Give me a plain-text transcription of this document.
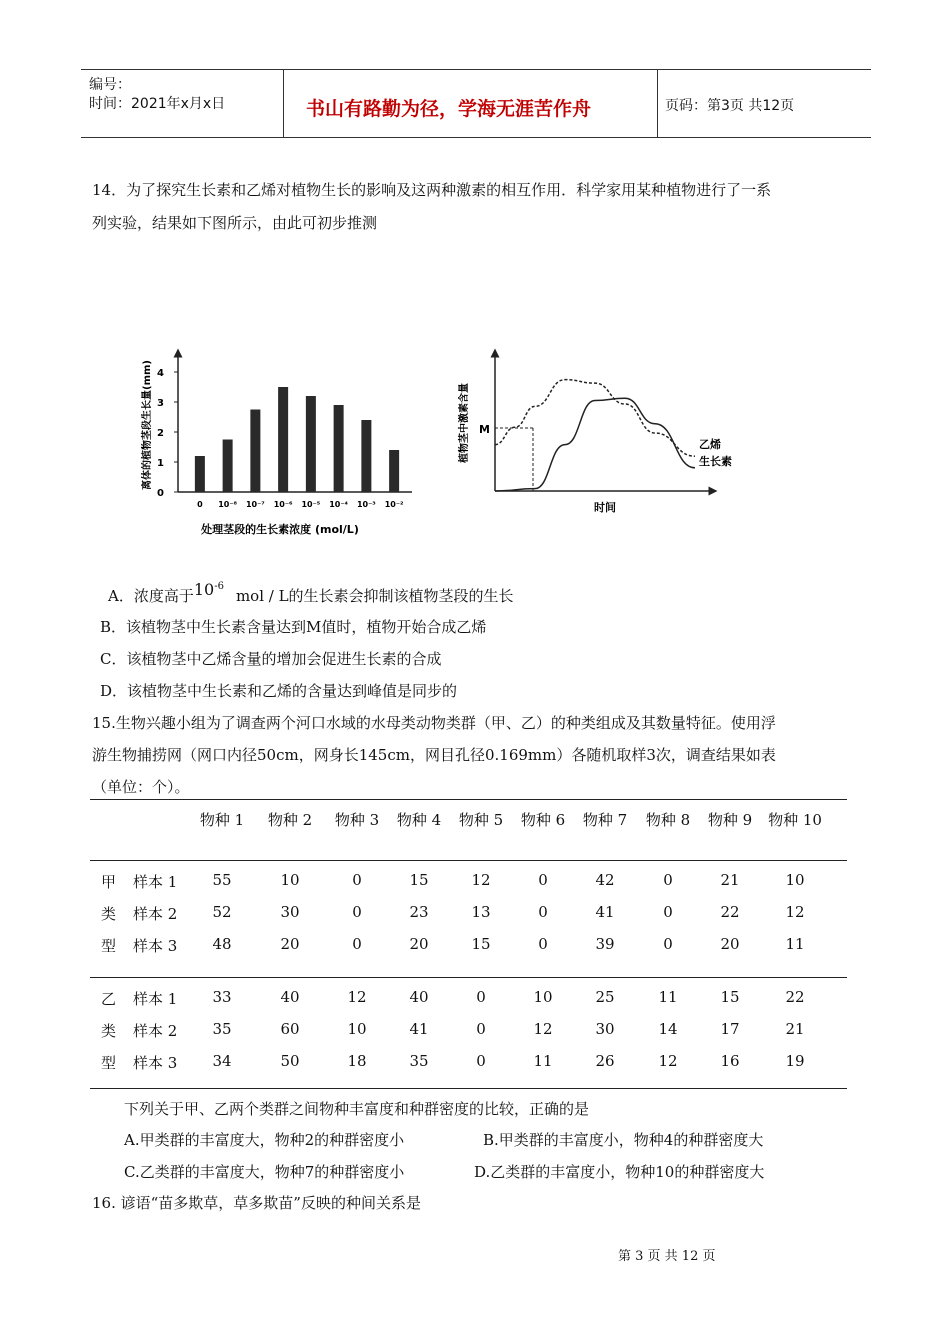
编号：
时间：2021年x月x日	书山有路勤为径，学海无涯苦作舟	页码：第3页 共12页
14．为了探究生长素和乙烯对植物生长的影响及这两种激素的相互作用．科学家用某种植物进行了一系
列实验，结果如下图所示，由此可初步推测
离体的植物茎段生长量(mm)
处理茎段的生长素浓度 (mol/L)
0
1
2
3
4
0 10⁻⁸ 10⁻⁷ 10⁻⁶ 10⁻⁵ 10⁻⁴ 10⁻³ 10⁻²
植物茎中激素含量
时间
M
乙烯
生长素
A．浓度高于$10^{-6}mol$ / L的生长素会抑制该植物茎段的生长
B．该植物茎中生长素含量达到M值时，植物开始合成乙烯
C．该植物茎中乙烯含量的增加会促进生长素的合成
D．该植物茎中生长素和乙烯的含量达到峰值是同步的
15.生物兴趣小组为了调查两个河口水域的水母类动物类群（甲、乙）的种类组成及其数量特征。使用浮
游生物捕捞网（网口内径50cm，网身长145cm，网目孔径0.169mm）各随机取样3次，调查结果如表
（单位：个）。
物种 1 物种 2 物种 3 物种 4 物种 5 物种 6 物种 7 物种 8 物种 9 物种 10
甲
类
型
样本 1 55	10	0	15	12	0	42	0	21	10
样本 2 52	30	0	23	13	0	41	0	22	12
样本 3 48	20	0	20	15	0	39	0	20	11
乙
类
型
样本 1 33	40	12	40	0	10	25	11	15	22
样本 2 35	60	10	41	0	12	30	14	17	21
样本 3 34	50	18	35	0	11	26	12	16	19
下列关于甲、乙两个类群之间物种丰富度和种群密度的比较，正确的是
A.甲类群的丰富度大，物种2的种群密度小	B.甲类群的丰富度小，物种4的种群密度大
C.乙类群的丰富度大，物种7的种群密度小	D.乙类群的丰富度小，物种10的种群密度大
16. 谚语“苗多欺草，草多欺苗”反映的种间关系是
第 3 页 共 12 页
